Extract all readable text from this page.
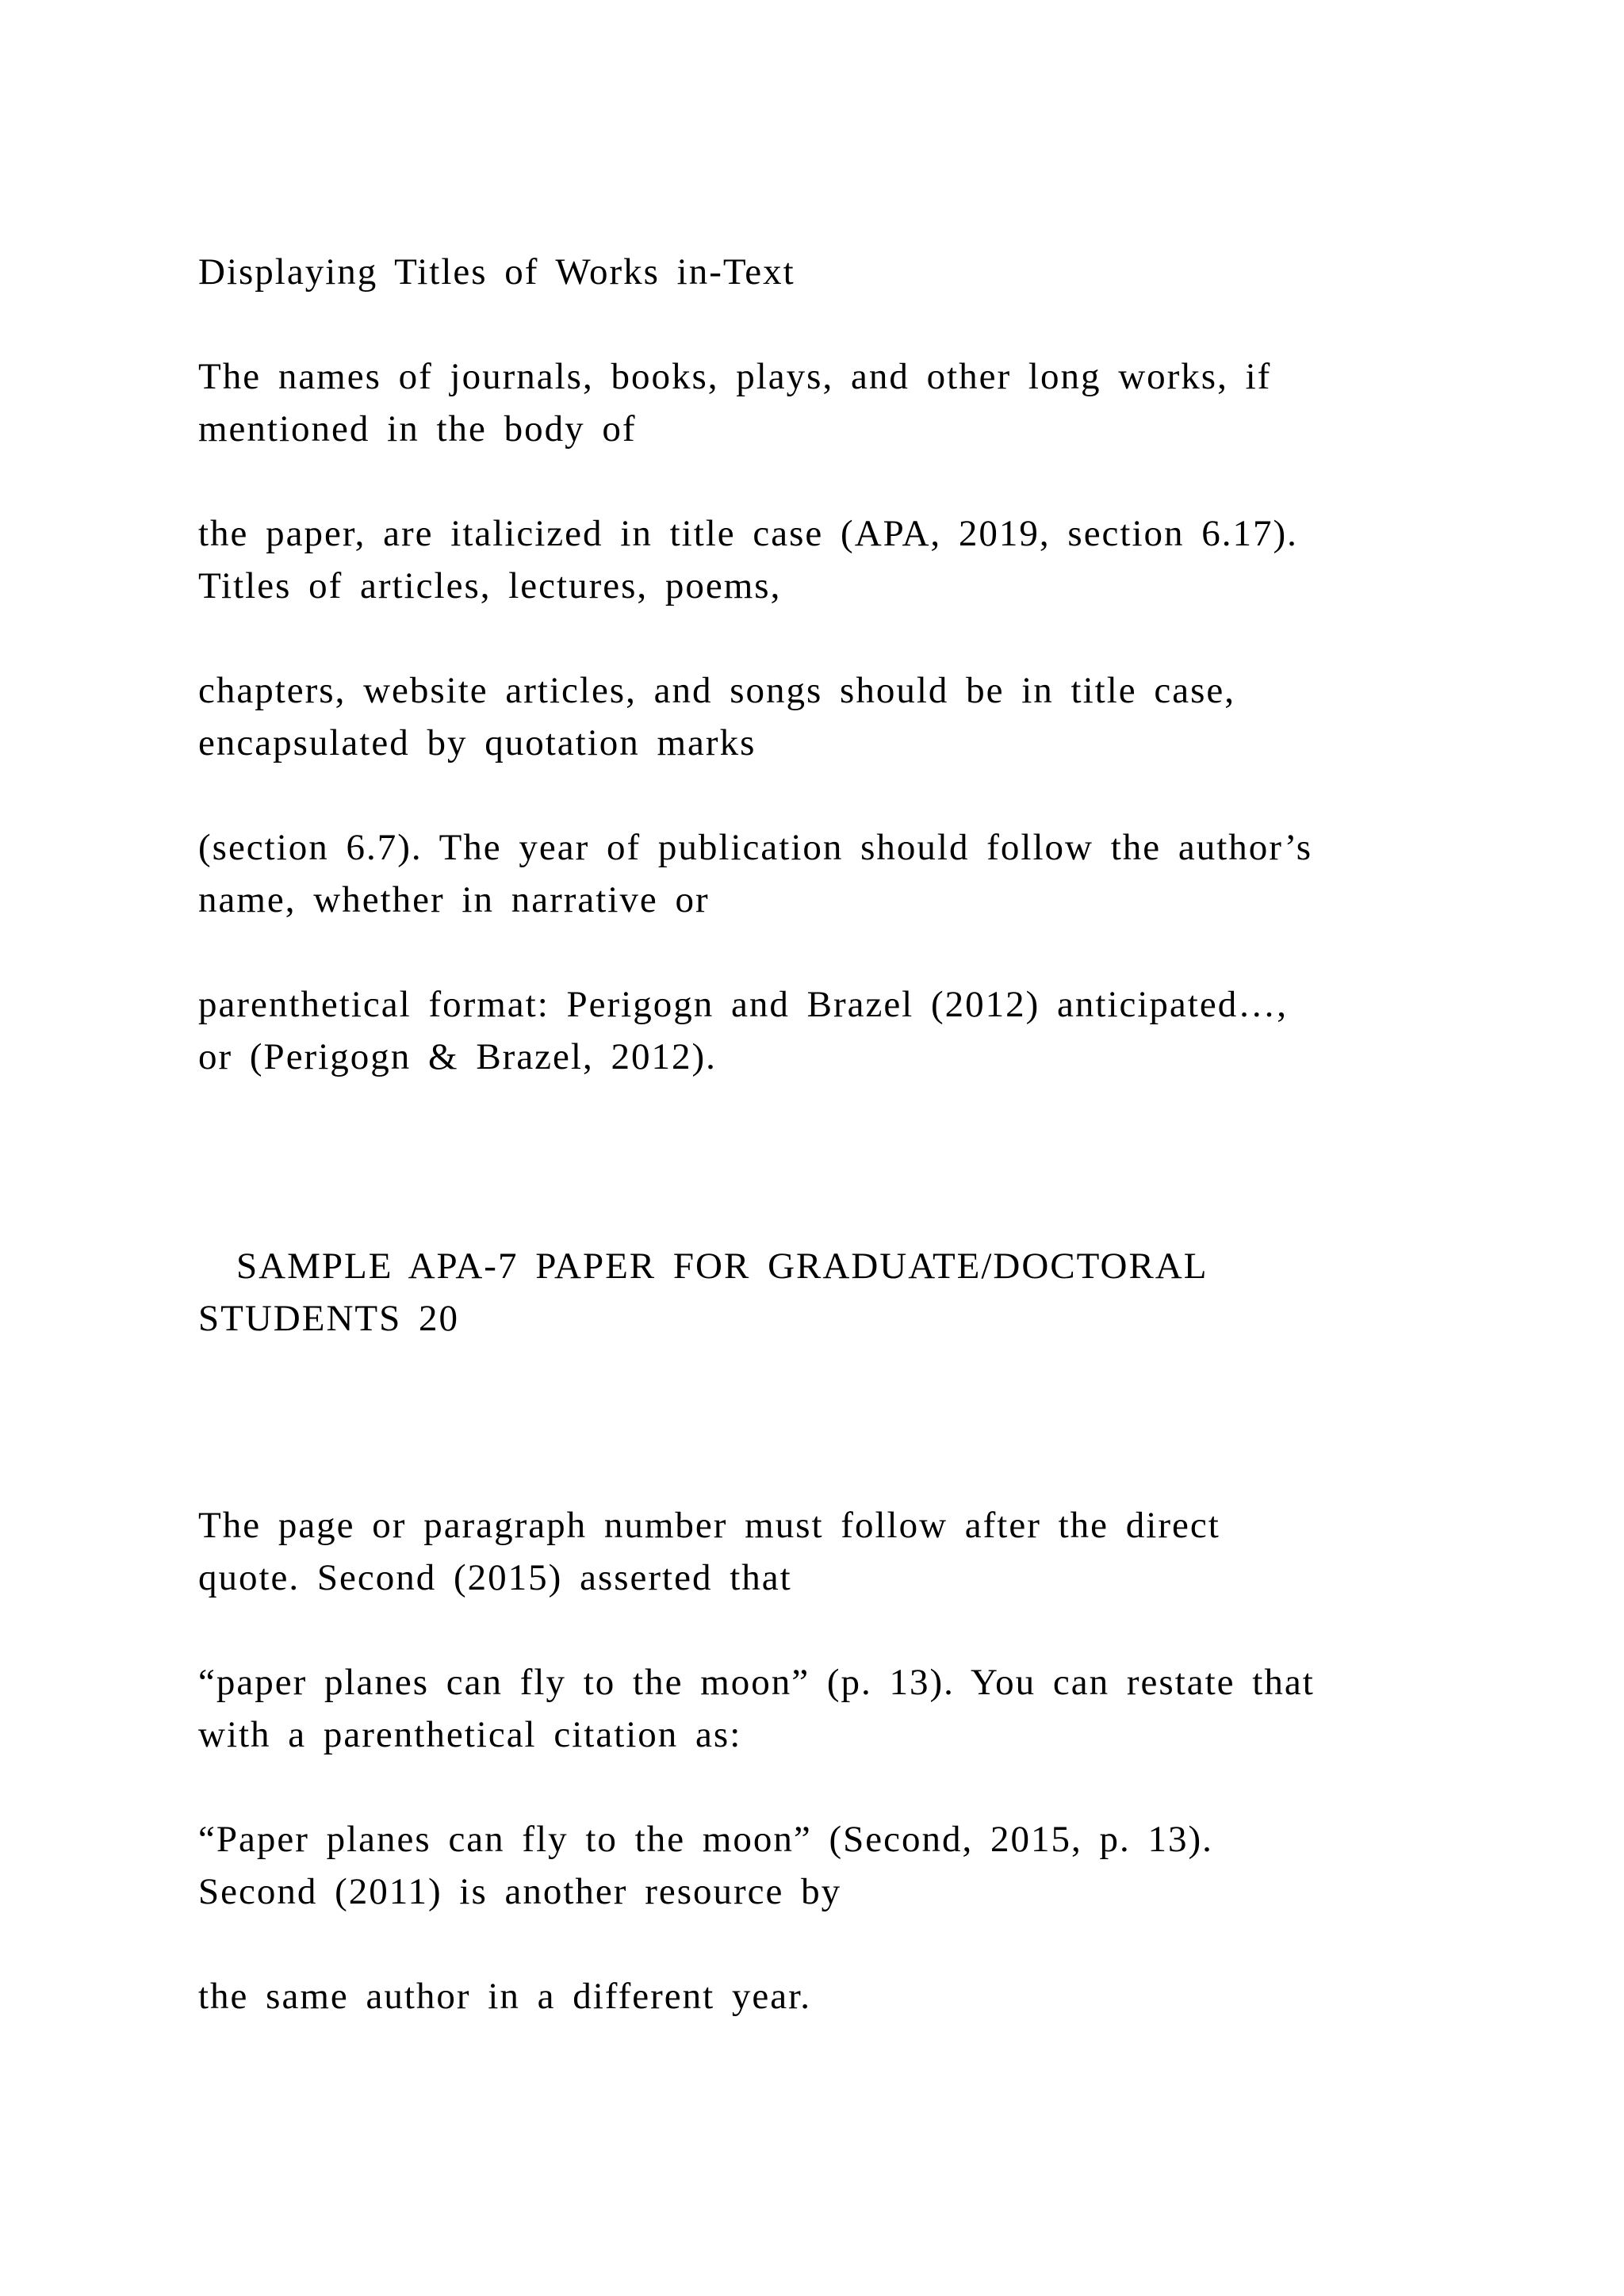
Displaying Titles of Works in-Text

The names of journals, books, plays, and other long works, if

mentioned in the body of

the paper, are italicized in title case (APA, 2019, section 6.17).

Titles of articles, lectures, poems,

chapters, website articles, and songs should be in title case,

encapsulated by quotation marks

(section 6.7). The year of publication should follow the author’s

name, whether in narrative or

parenthetical format: Perigogn and Brazel (2012) anticipated…,

or (Perigogn & Brazel, 2012).

SAMPLE APA-7 PAPER FOR GRADUATE/DOCTORAL

STUDENTS 20

The page or paragraph number must follow after the direct

quote. Second (2015) asserted that

“paper planes can fly to the moon” (p. 13). You can restate that

with a parenthetical citation as:

“Paper planes can fly to the moon” (Second, 2015, p. 13).

Second (2011) is another resource by

the same author in a different year.
